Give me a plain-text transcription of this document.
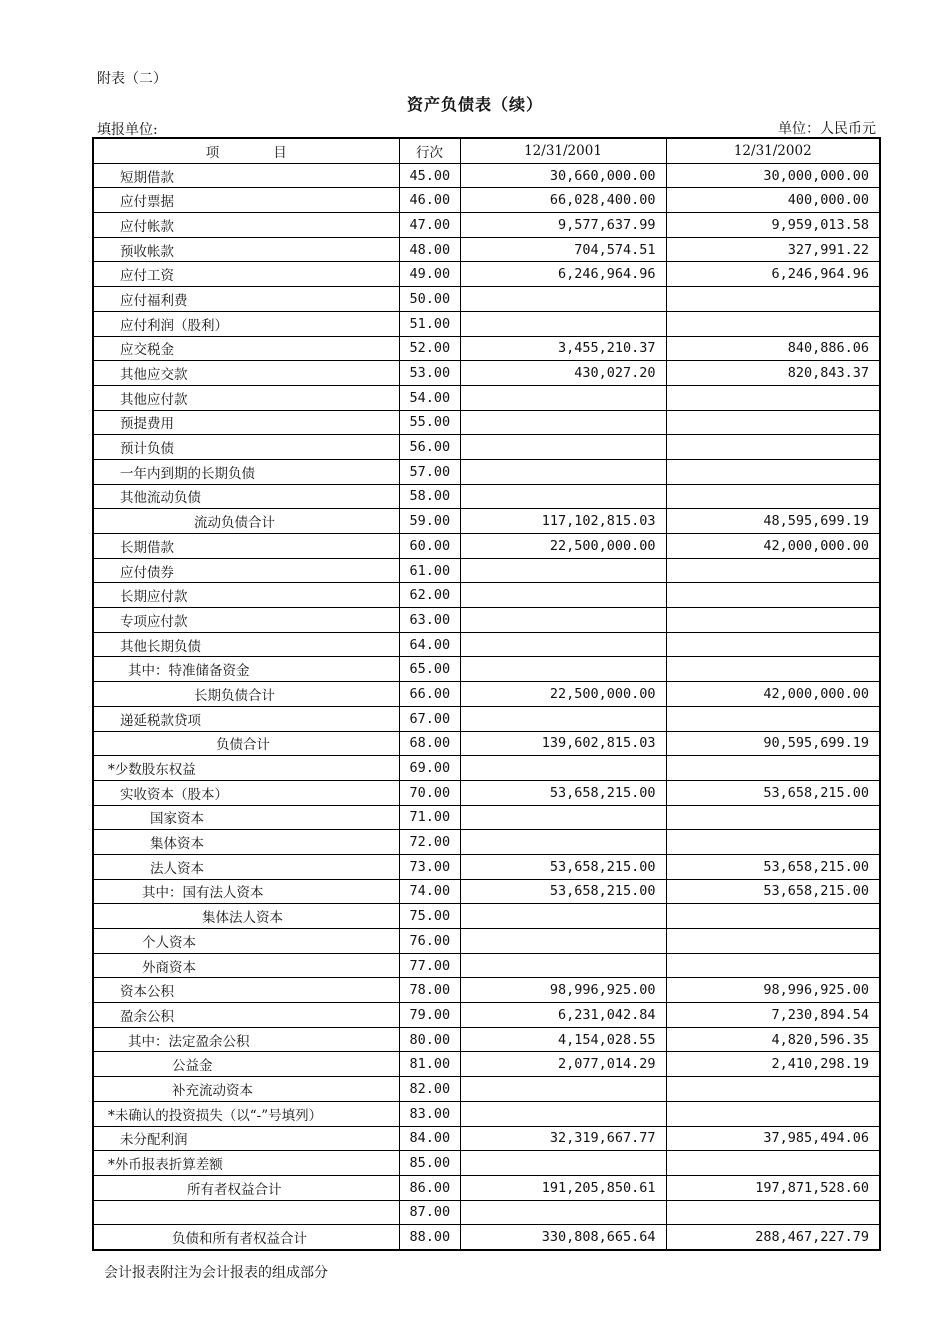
附表（二）
资产负债表（续）
填报单位:	单位：人民币元
项　　　　目	行次	12/31/2001	12/31/2002
短期借款	45.00	30,660,000.00	30,000,000.00
应付票据	46.00	66,028,400.00	400,000.00
应付帐款	47.00	9,577,637.99	9,959,013.58
预收帐款	48.00	704,574.51	327,991.22
应付工资	49.00	6,246,964.96	6,246,964.96
应付福利费	50.00		
应付利润（股利）	51.00		
应交税金	52.00	3,455,210.37	840,886.06
其他应交款	53.00	430,027.20	820,843.37
其他应付款	54.00		
预提费用	55.00		
预计负债	56.00		
一年内到期的长期负债	57.00		
其他流动负债	58.00		
流动负债合计	59.00	117,102,815.03	48,595,699.19
长期借款	60.00	22,500,000.00	42,000,000.00
应付债券	61.00		
长期应付款	62.00		
专项应付款	63.00		
其他长期负债	64.00		
其中：特准储备资金	65.00		
长期负债合计	66.00	22,500,000.00	42,000,000.00
递延税款贷项	67.00		
负债合计	68.00	139,602,815.03	90,595,699.19
*少数股东权益	69.00		
实收资本（股本）	70.00	53,658,215.00	53,658,215.00
国家资本	71.00		
集体资本	72.00		
法人资本	73.00	53,658,215.00	53,658,215.00
其中：国有法人资本	74.00	53,658,215.00	53,658,215.00
集体法人资本	75.00		
个人资本	76.00		
外商资本	77.00		
资本公积	78.00	98,996,925.00	98,996,925.00
盈余公积	79.00	6,231,042.84	7,230,894.54
其中：法定盈余公积	80.00	4,154,028.55	4,820,596.35
公益金	81.00	2,077,014.29	2,410,298.19
补充流动资本	82.00		
*未确认的投资损失（以“-”号填列）	83.00		
未分配利润	84.00	32,319,667.77	37,985,494.06
*外币报表折算差额	85.00		
所有者权益合计	86.00	191,205,850.61	197,871,528.60
	87.00		
负债和所有者权益合计	88.00	330,808,665.64	288,467,227.79
会计报表附注为会计报表的组成部分
